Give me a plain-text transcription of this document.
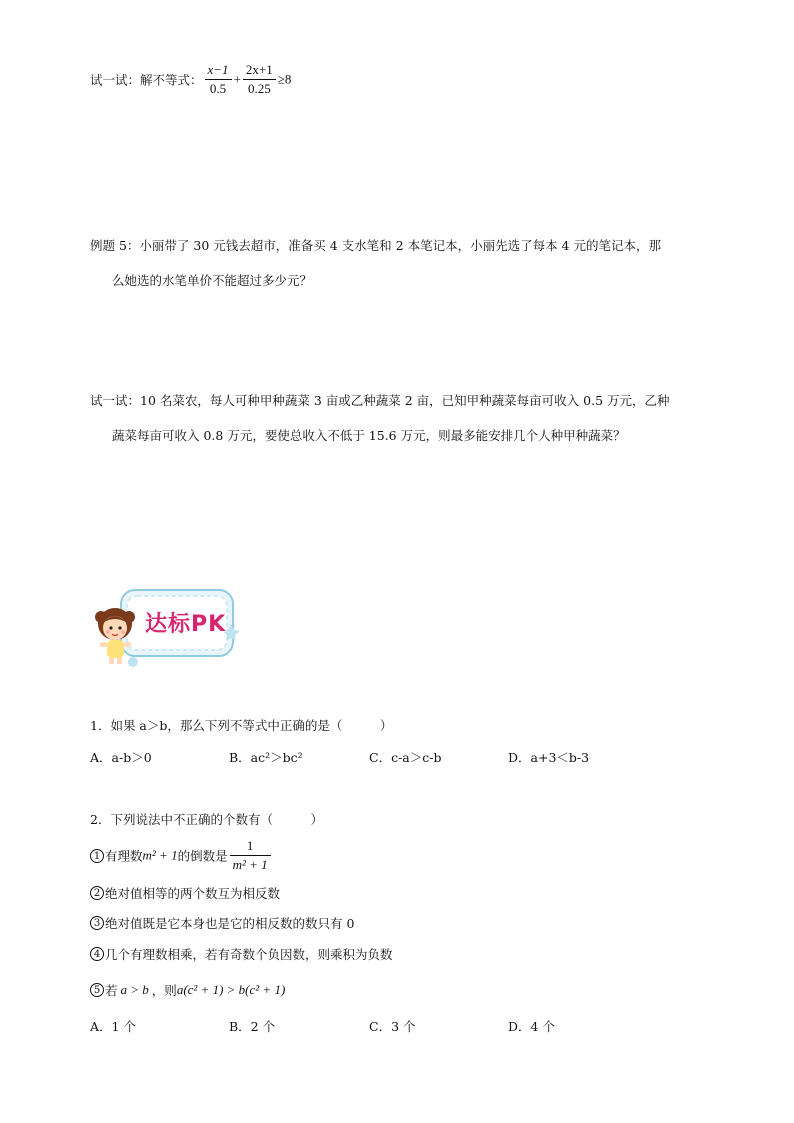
试一试：解不等式： $\frac{x-1}{0.5} + \frac{2x+1}{0.25} \ge 8$
例题 5：小丽带了 30 元钱去超市，准备买 4 支水笔和 2 本笔记本，小丽先选了每本 4 元的笔记本，那
么她选的水笔单价不能超过多少元？
试一试：10 名菜农，每人可种甲种蔬菜 3 亩或乙种蔬菜 2 亩，已知甲种蔬菜每亩可收入 0.5 万元，乙种
蔬菜每亩可收入 0.8 万元，要使总收入不低于 15.6 万元，则最多能安排几个人种甲种蔬菜？
达标PK
1．如果 a＞b，那么下列不等式中正确的是（　　　）
A．a-b＞0	B．ac²＞bc²	C．c-a＞c-b	D．a+3＜b-3
2．下列说法中不正确的个数有（　　　）
1 有理数m² + 1的倒数是 $\frac{1}{\text{m² + 1}}$
2 绝对值相等的两个数互为相反数
3 绝对值既是它本身也是它的相反数的数只有 0
4 几个有理数相乘，若有奇数个负因数，则乘积为负数
5 若 a > b ，则a(c² + 1) > b(c² + 1)
A．1 个	B．2 个	C．3 个	D．4 个
